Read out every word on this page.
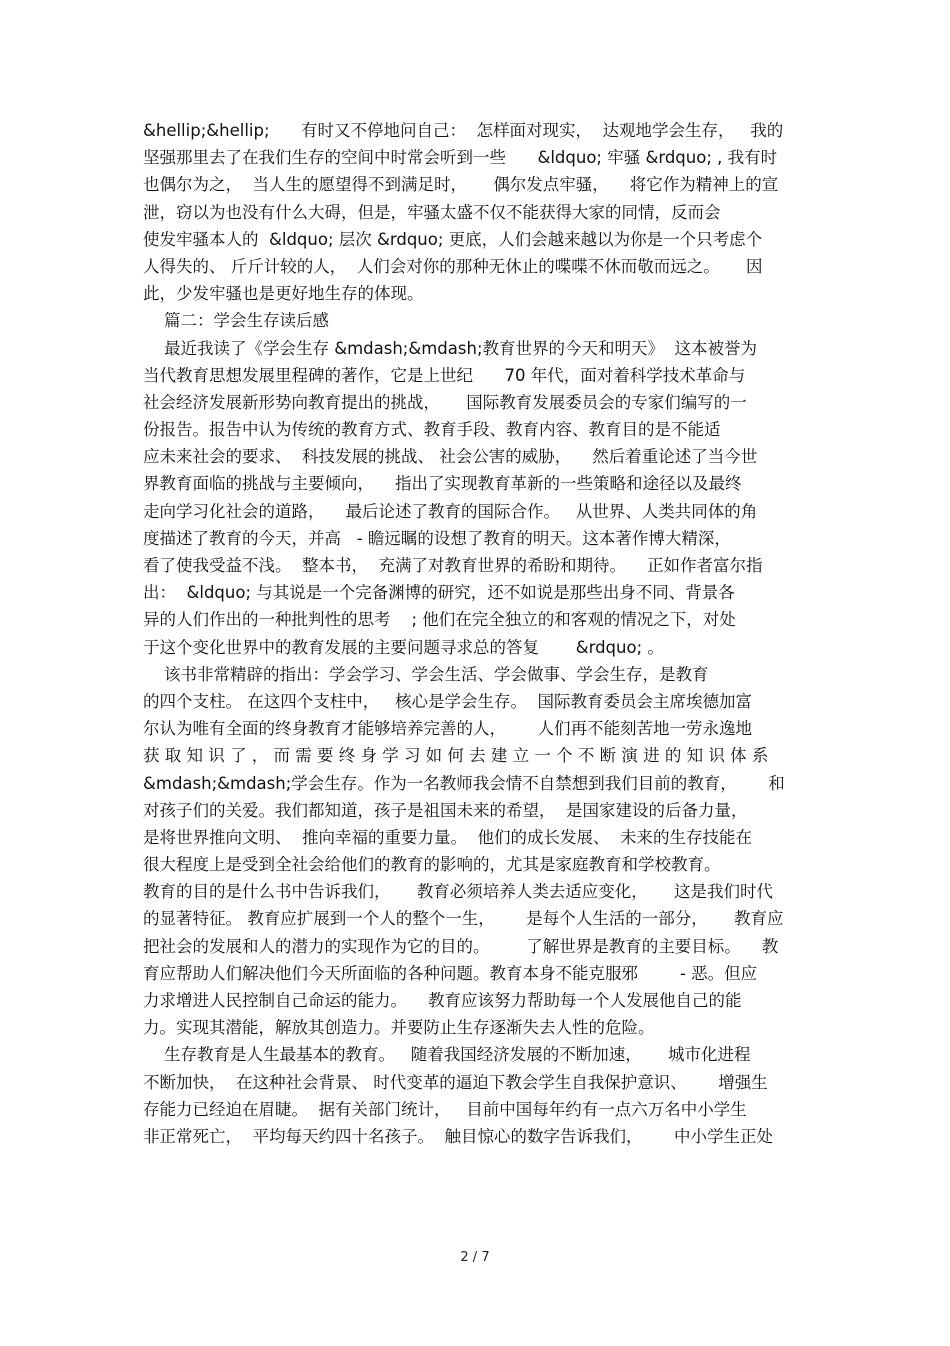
&hellip;&hellip;      有时又不停地问自己：  怎样面对现实，  达观地学会生存，   我的
坚强那里去了在我们生存的空间中时常会听到一些      &ldquo; 牢骚 &rdquo; , 我有时
也偶尔为之，  当人生的愿望得不到满足时，     偶尔发点牢骚，    将它作为精神上的宣
泄，窃以为也没有什么大碍，但是，牢骚太盛不仅不能获得大家的同情，反而会
使发牢骚本人的  &ldquo; 层次 &rdquo; 更底，人们会越来越以为你是一个只考虑个
人得失的、 斤斤计较的人，  人们会对你的那种无休止的喋喋不休而敬而远之。     因
此，少发牢骚也是更好地生存的体现。
篇二：学会生存读后感
最近我读了《学会生存 &mdash;&mdash;教育世界的今天和明天》  这本被誉为
当代教育思想发展里程碑的著作，它是上世纪      70 年代，面对着科学技术革命与
社会经济发展新形势向教育提出的挑战，     国际教育发展委员会的专家们编写的一
份报告。报告中认为传统的教育方式、教育手段、教育内容、教育目的是不能适
应未来社会的要求、  科技发展的挑战、 社会公害的威胁，    然后着重论述了当今世
界教育面临的挑战与主要倾向，    指出了实现教育革新的一些策略和途径以及最终
走向学习化社会的道路，    最后论述了教育的国际合作。   从世界、人类共同体的角
度描述了教育的今天，并高   - 瞻远瞩的设想了教育的明天。这本著作博大精深，
看了使我受益不浅。  整本书，  充满了对教育世界的希盼和期待。    正如作者富尔指
出：  &ldquo; 与其说是一个完备渊博的研究，还不如说是那些出身不同、背景各
异的人们作出的一种批判性的思考    ; 他们在完全独立的和客观的情况之下，对处
于这个变化世界中的教育发展的主要问题寻求总的答复       &rdquo; 。
该书非常精辟的指出：学会学习、学会生活、学会做事、学会生存，是教育
的四个支柱。 在这四个支柱中，   核心是学会生存。  国际教育委员会主席埃德加富
尔认为唯有全面的终身教育才能够培养完善的人，      人们再不能刻苦地一劳永逸地
获 取 知 识 了 ， 而 需 要 终 身 学 习 如 何 去 建 立 一 个 不 断 演 进 的 知 识 体 系
&mdash;&mdash;学会生存。作为一名教师我会情不自禁想到我们目前的教育，      和
对孩子们的关爱。我们都知道，孩子是祖国未来的希望，  是国家建设的后备力量，
是将世界推向文明、  推向幸福的重要力量。  他们的成长发展、  未来的生存技能在
很大程度上是受到全社会给他们的教育的影响的，尤其是家庭教育和学校教育。
教育的目的是什么书中告诉我们，     教育必须培养人类去适应变化，     这是我们时代
的显著特征。 教育应扩展到一个人的整个一生，      是每个人生活的一部分，     教育应
把社会的发展和人的潜力的实现作为它的目的。       了解世界是教育的主要目标。    教
育应帮助人们解决他们今天所面临的各种问题。教育本身不能克服邪        - 恶。但应
力求增进人民控制自己命运的能力。    教育应该努力帮助每一个人发展他自己的能
力。实现其潜能，解放其创造力。并要防止生存逐渐失去人性的危险。
生存教育是人生最基本的教育。   随着我国经济发展的不断加速，     城市化进程
不断加快，  在这种社会背景、 时代变革的逼迫下教会学生自我保护意识、      增强生
存能力已经迫在眉睫。  据有关部门统计，   目前中国每年约有一点六万名中小学生
非正常死亡，  平均每天约四十名孩子。  触目惊心的数字告诉我们，      中小学生正处
2 / 7
